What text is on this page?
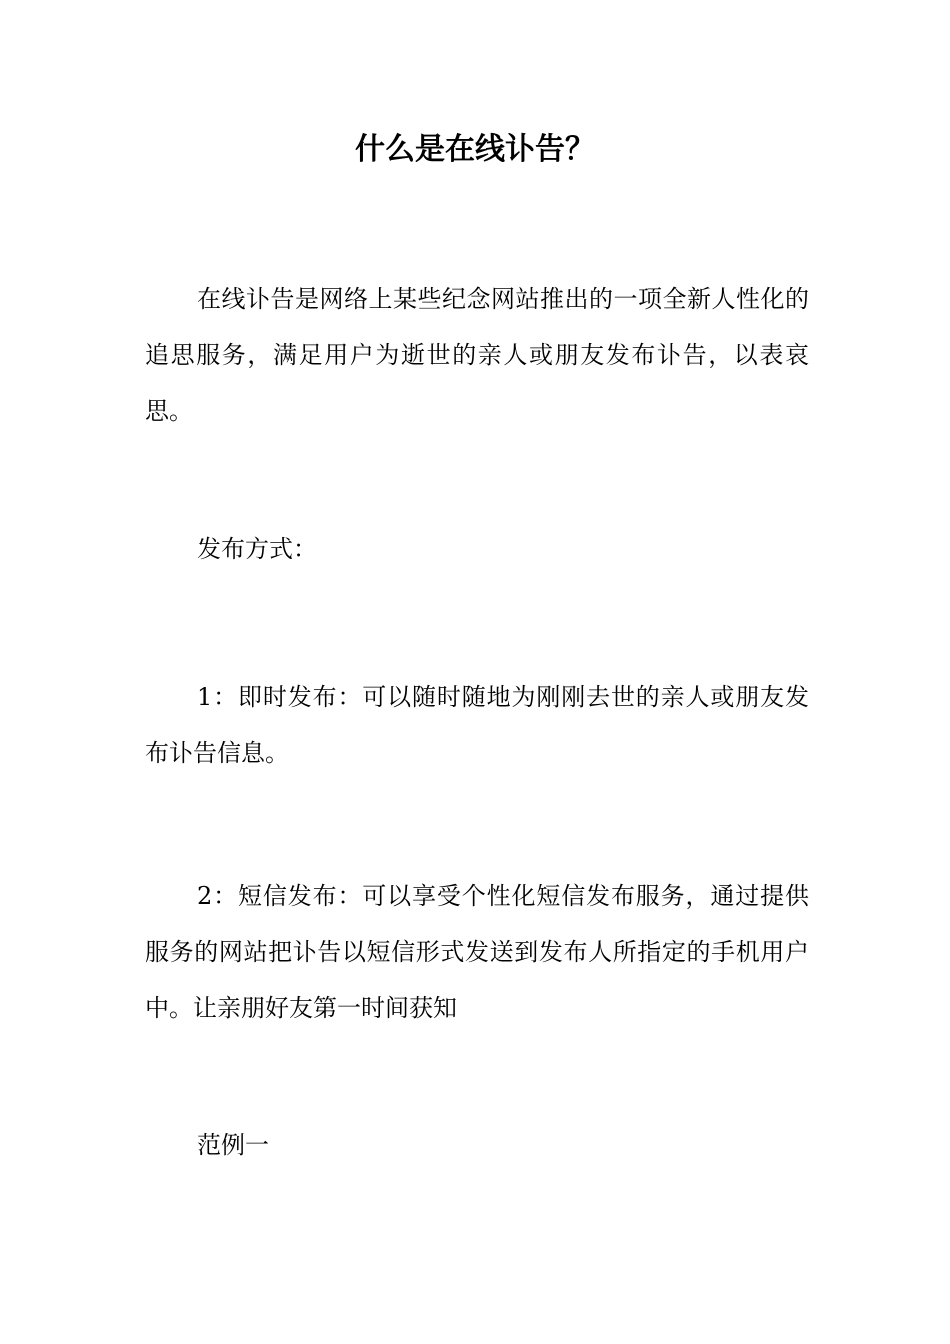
什么是在线讣告？

在线讣告是网络上某些纪念网站推出的一项全新人性化的追思服务，满足用户为逝世的亲人或朋友发布讣告，以表哀思。

发布方式：

1：即时发布：可以随时随地为刚刚去世的亲人或朋友发布讣告信息。

2：短信发布：可以享受个性化短信发布服务，通过提供服务的网站把讣告以短信形式发送到发布人所指定的手机用户中。让亲朋好友第一时间获知

范例一
